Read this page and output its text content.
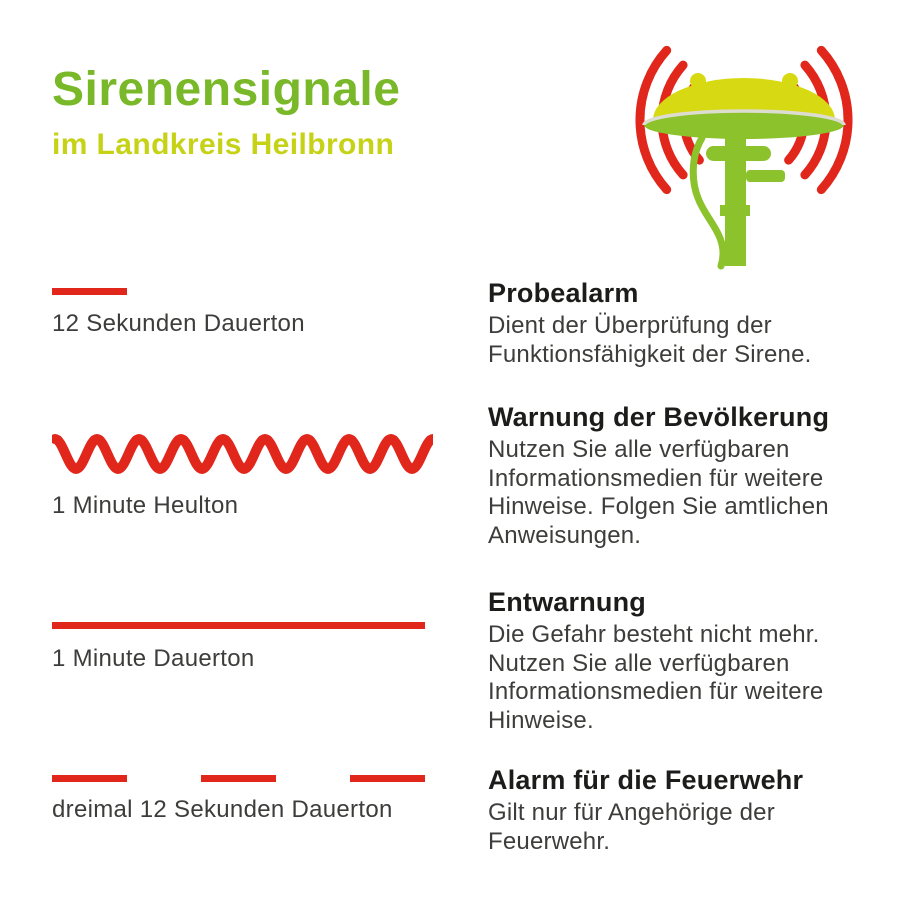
Sirenensignale
im Landkreis Heilbronn
12 Sekunden Dauerton
Probealarm
Dient der Überprüfung der Funktionsfähigkeit der Sirene.
1 Minute Heulton
Warnung der Bevölkerung
Nutzen Sie alle verfügbaren Informationsmedien für weitere Hinweise. Folgen Sie amtlichen Anweisungen.
1 Minute Dauerton
Entwarnung
Die Gefahr besteht nicht mehr. Nutzen Sie alle verfügbaren Informationsmedien für weitere Hinweise.
dreimal 12 Sekunden Dauerton
Alarm für die Feuerwehr
Gilt nur für Angehörige der Feuerwehr.
